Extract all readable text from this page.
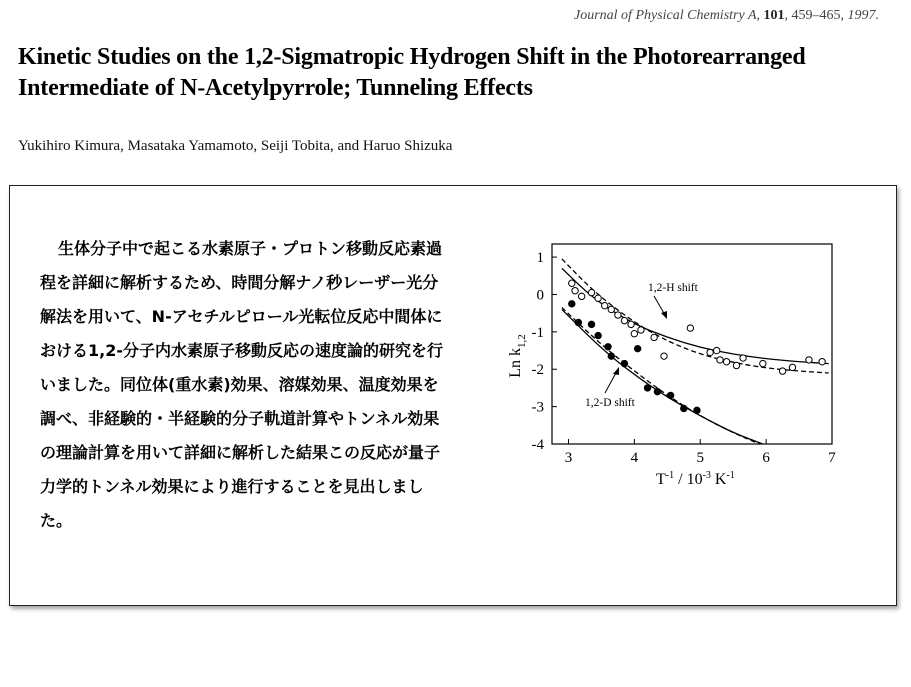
Journal of Physical Chemistry A, 101, 459–465, 1997.
Kinetic Studies on the 1,2-Sigmatropic Hydrogen Shift in the Photorearranged Intermediate of N-Acetylpyrrole; Tunneling Effects
Yukihiro Kimura, Masataka Yamamoto, Seiji Tobita, and Haruo Shizuka

生体分子中で起こる水素原子・プロトン移動反応素過程を詳細に解析するため、時間分解ナノ秒レーザー光分解法を用いて、N-アセチルピロール光転位反応中間体における1,2-分子内水素原子移動反応の速度論的研究を行いました。同位体(重水素)効果、溶媒効果、温度効果を調べ、非経験的・半経験的分子軌道計算やトンネル効果の理論計算を用いて詳細に解析した結果この反応が量子力学的トンネル効果により進行することを見出しました。

3	4	5	6	7
1
0
-1
-2
-3
-4
1,2-H shift
1,2-D shift
$T^{-1} / 10^{-3}$ $K^{-1}$
Ln $k_{1,2}$
